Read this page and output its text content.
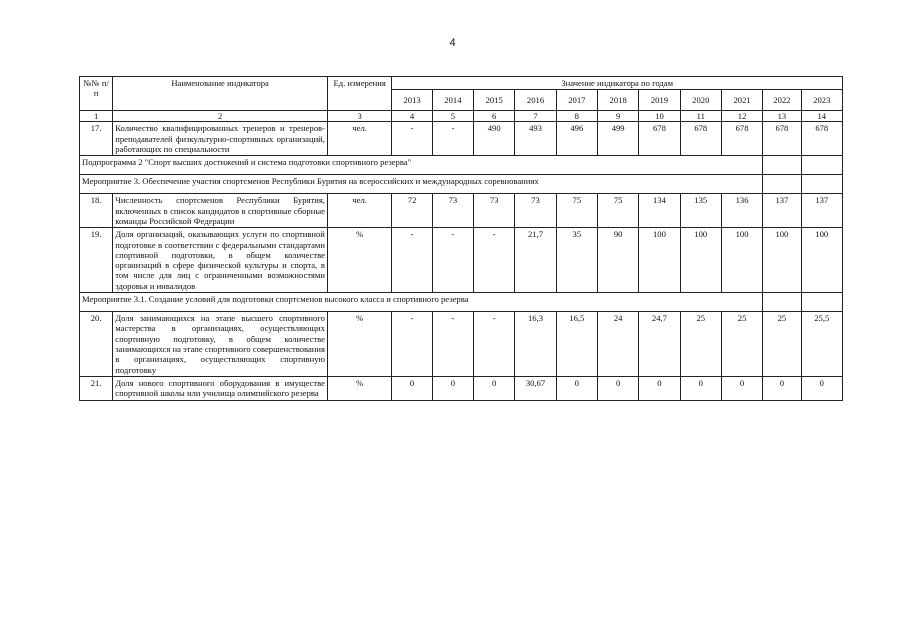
4
№№ п/п	Наименование индикатора	Ед. измерения	Значение индикатора по годам										
			2013	2014	2015	2016	2017	2018	2019	2020	2021	2022	2023
1	2	3	4	5	6	7	8	9	10	11	12	13	14
17.	Количество квалифицированных тренеров и тренеров-преподавателей физкультурно-спортивных организаций, работающих по специальности	чел.	-	-	490	493	496	499	678	678	678	678	678
Подпрограмма 2 "Спорт высших достижений и система подготовки спортивного резерва"													
Мероприятие 3. Обеспечение участия спортсменов Республики Бурятия на всероссийских и международных соревнованиях													
18.	Численность спортсменов Республики Бурятия, включенных в список кандидатов в спортивные сборные команды Российской Федерации	чел.	72	73	73	73	75	75	134	135	136	137	137
19.	Доля организаций, оказывающих услуги по спортивной подготовке в соответствии с федеральными стандартами спортивной подготовки, в общем количестве организаций в сфере физической культуры и спорта, в том числе для лиц с ограниченными возможностями здоровья и инвалидов	%	-	-	-	21,7	35	90	100	100	100	100	100
Мероприятие 3.1. Создание условий для подготовки спортсменов высокого класса и спортивного резерва													
20.	Доля занимающихся на этапе высшего спортивного мастерства в организациях, осуществляющих спортивную подготовку, в общем количестве занимающихся на этапе спортивного совершенствования в организациях, осуществляющих спортивную подготовку	%	-	-	-	16,3	16,5	24	24,7	25	25	25	25,5
21.	Доля нового спортивного оборудования в имуществе спортивной школы или училища олимпийского резерва	%	0	0	0	30,67	0	0	0	0	0	0	0
